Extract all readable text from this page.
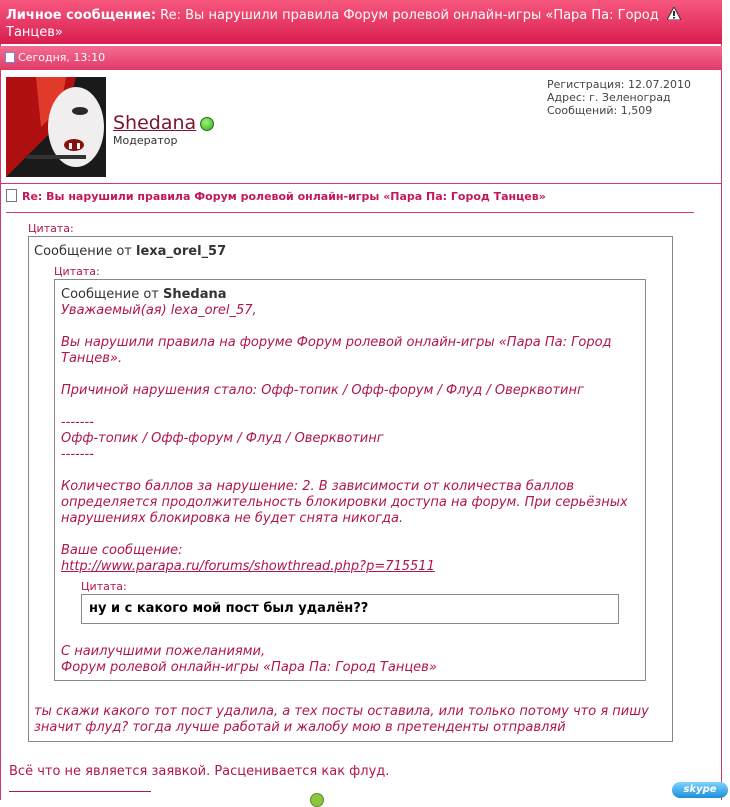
Личное сообщение: Re: Вы нарушили правила Форум ролевой онлайн-игры «Пара Па: Город
Танцев»
Сегодня, 13:10
Shedana
Модератор
Регистрация: 12.07.2010
Адрес: г. Зеленоград
Сообщений: 1,509
Re: Вы нарушили правила Форум ролевой онлайн-игры «Пара Па: Город Танцев»
Цитата:
Сообщение от lexa_orel_57
Цитата:
Сообщение от Shedana
Уважаемый(ая) lexa_orel_57,
Вы нарушили правила на форуме Форум ролевой онлайн-игры «Пара Па: Город
Танцев».
Причиной нарушения стало: Офф-топик / Офф-форум / Флуд / Оверквотинг
-------
Офф-топик / Офф-форум / Флуд / Оверквотинг
-------
Количество баллов за нарушение: 2. В зависимости от количества баллов
определяется продолжительность блокировки доступа на форум. При серьёзных
нарушениях блокировка не будет снята никогда.
Ваше сообщение:
http://www.parapa.ru/forums/showthread.php?p=715511
Цитата:
ну и с какого мой пост был удалён??
С наилучшими пожеланиями,
Форум ролевой онлайн-игры «Пара Па: Город Танцев»
ты скажи какого тот пост удалила, а тех посты оставила, или только потому что я пишу
значит флуд? тогда лучше работай и жалобу мою в претенденты отправляй
Всё что не является заявкой. Расценивается как флуд.
skype
